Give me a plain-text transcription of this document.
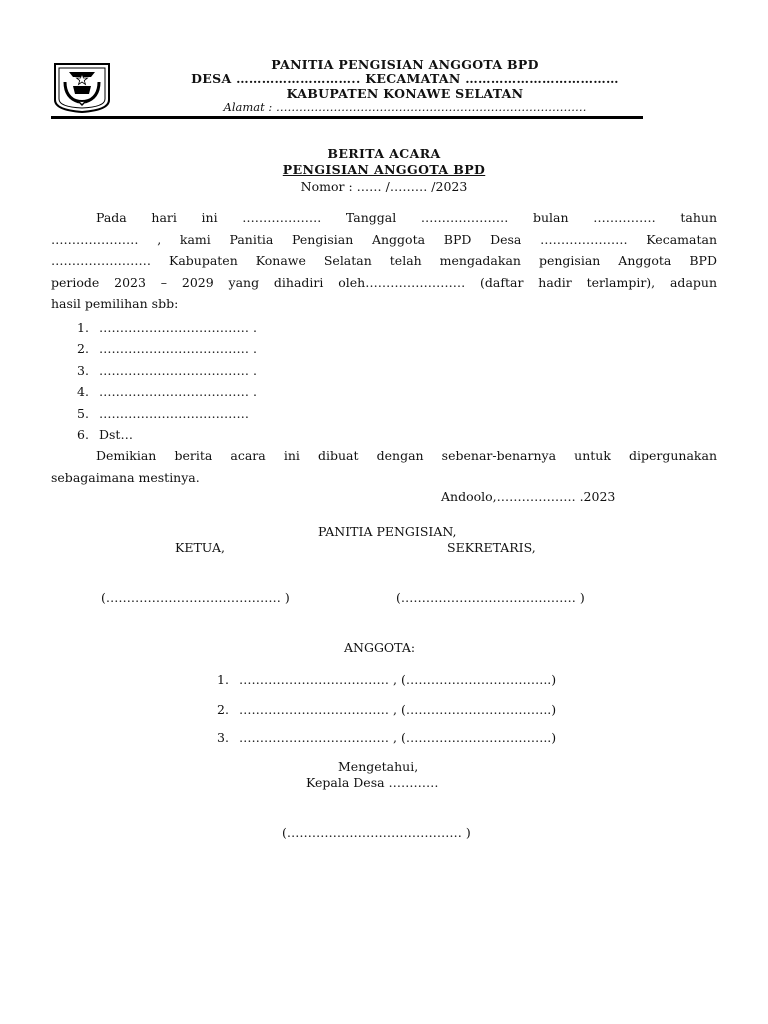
PANITIA PENGISIAN ANGGOTA BPD
DESA ……………………….. KECAMATAN ………………………………
KABUPATEN KONAWE SELATAN
Alamat : ………………………………………………………………………
BERITA ACARA
PENGISIAN ANGGOTA BPD
Nomor : …… /……… /2023
Pada hari ini ………………. Tanggal ………………… bulan …………… tahun
………………… , kami Panitia Pengisian Anggota BPD Desa ………………… Kecamatan
…………………… Kabupaten Konawe Selatan telah mengadakan pengisian Anggota BPD
periode 2023 – 2029 yang dihadiri oleh…………………… (daftar hadir terlampir), adapun
hasil pemilihan sbb:
1. ……………………………… .
2. ……………………………… .
3. ……………………………… .
4. ……………………………… .
5. ………………………………
6. Dst…
Demikian berita acara ini dibuat dengan sebenar-benarnya untuk dipergunakan
sebagaimana mestinya.
Andoolo,………………. .2023
PANITIA PENGISIAN,
KETUA,	SEKRETARIS,
(…………………………………… )	(…………………………………… )
ANGGOTA:
1. ……………………………… , (……………………………..)
2. ……………………………… , (……………………………..)
3. ……………………………… , (……………………………..)
Mengetahui,
Kepala Desa …………
(…………………………………… )
